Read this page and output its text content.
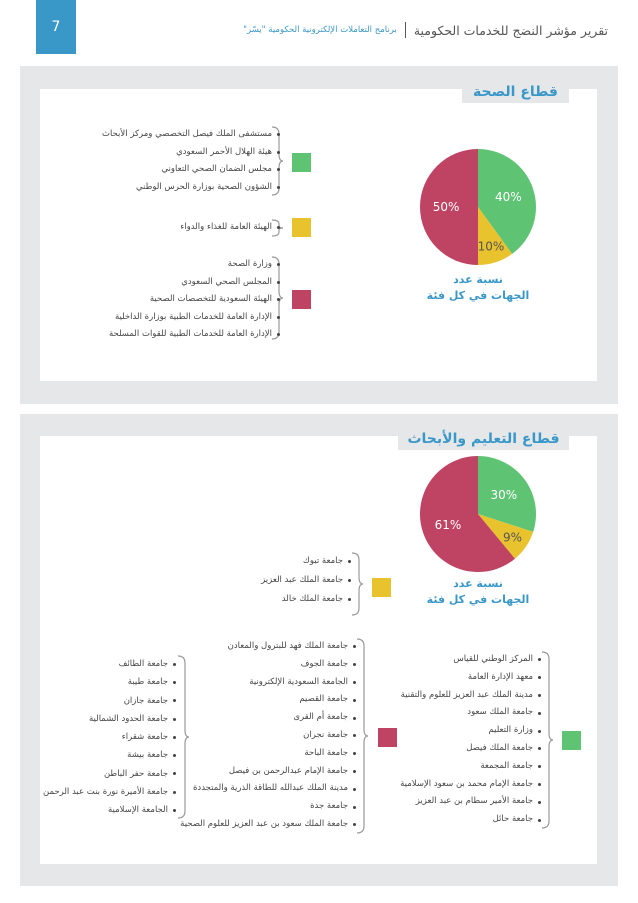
7	تقرير مؤشر النضج للخدمات الحكومية
برنامج التعاملات الإلكترونية الحكومية "يسّر"
قطاع الصحة
40%
10%
50%
نسبة عدد
الجهات في كل فئة
مستشفى الملك فيصل التخصصي ومركز الأبحاث
هيئة الهلال الأحمر السعودي
مجلس الضمان الصحي التعاوني
الشؤون الصحية بوزارة الحرس الوطني
الهيئة العامة للغذاء والدواء
وزارة الصحة
المجلس الصحي السعودي
الهيئة السعودية للتخصصات الصحية
الإدارة العامة للخدمات الطبية بوزارة الداخلية
الإدارة العامة للخدمات الطبية للقوات المسلحة
قطاع التعليم والأبحاث
30%
9%
61%
نسبة عدد
الجهات في كل فئة
جامعة تبوك
جامعة الملك عبد العزيز
جامعة الملك خالد
المركز الوطني للقياس
معهد الإدارة العامة
مدينة الملك عبد العزيز للعلوم والتقنية
جامعة الملك سعود
وزارة التعليم
جامعة الملك فيصل
جامعة المجمعة
جامعة الإمام محمد بن سعود الإسلامية
جامعة الأمير سطام بن عبد العزيز
جامعة حائل
جامعة الملك فهد للبترول والمعادن
جامعة الجوف
الجامعة السعودية الإلكترونية
جامعة القصيم
جامعة أم القرى
جامعة نجران
جامعة الباحة
جامعة الإمام عبدالرحمن بن فيصل
مدينة الملك عبدالله للطاقة الذرية والمتجددة
جامعة جدة
جامعة الملك سعود بن عبد العزيز للعلوم الصحية
جامعة الطائف
جامعة طيبة
جامعة جازان
جامعة الحدود الشمالية
جامعة شقراء
جامعة بيشة
جامعة حفر الباطن
جامعة الأميرة نورة بنت عبد الرحمن
الجامعة الإسلامية
